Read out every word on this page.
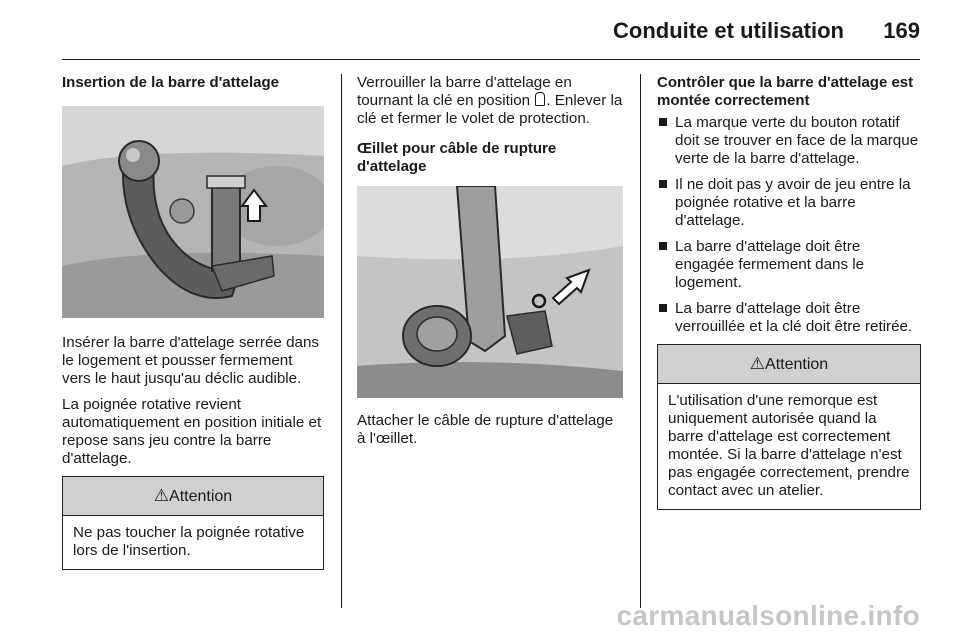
Conduite et utilisation 169
Insertion de la barre d'attelage

Insérer la barre d'attelage serrée dans le logement et pousser fermement vers le haut jusqu'au déclic audible.

La poignée rotative revient automatiquement en position initiale et repose sans jeu contre la barre d'attelage.

⚠Attention
Ne pas toucher la poignée rotative lors de l'insertion.

Verrouiller la barre d'attelage en tournant la clé en position . Enlever la clé et fermer le volet de protection.

Œillet pour câble de rupture d'attelage

Attacher le câble de rupture d'attelage à l'œillet.

Contrôler que la barre d'attelage est montée correctement
La marque verte du bouton rotatif doit se trouver en face de la marque verte de la barre d'attelage.
Il ne doit pas y avoir de jeu entre la poignée rotative et la barre d'attelage.
La barre d'attelage doit être engagée fermement dans le logement.
La barre d'attelage doit être verrouillée et la clé doit être retirée.
⚠Attention
L'utilisation d'une remorque est uniquement autorisée quand la barre d'attelage est correctement montée. Si la barre d'attelage n'est pas engagée correctement, prendre contact avec un atelier.
carmanualsonline.info
